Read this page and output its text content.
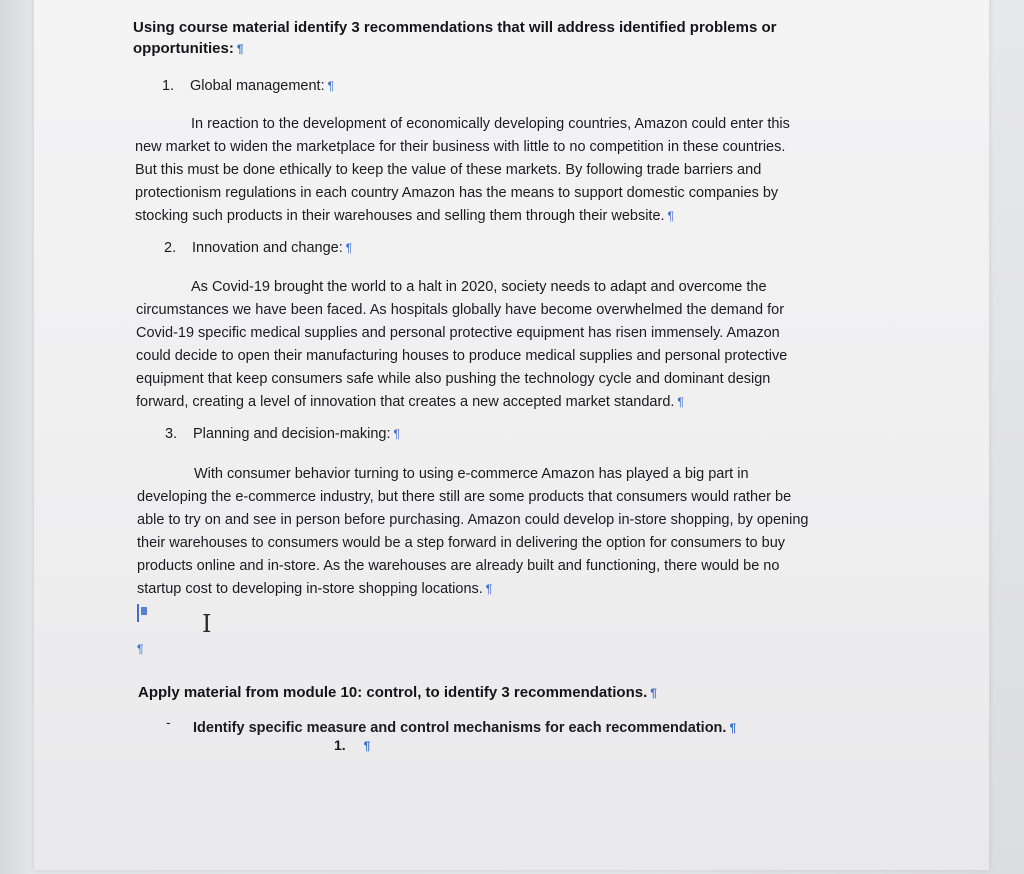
Using course material identify 3 recommendations that will address identified problems or
opportunities: ¶
1. Global management: ¶
In reaction to the development of economically developing countries, Amazon could enter this
new market to widen the marketplace for their business with little to no competition in these countries.
But this must be done ethically to keep the value of these markets. By following trade barriers and
protectionism regulations in each country Amazon has the means to support domestic companies by
stocking such products in their warehouses and selling them through their website. ¶
2. Innovation and change: ¶
As Covid-19 brought the world to a halt in 2020, society needs to adapt and overcome the
circumstances we have been faced. As hospitals globally have become overwhelmed the demand for
Covid-19 specific medical supplies and personal protective equipment has risen immensely. Amazon
could decide to open their manufacturing houses to produce medical supplies and personal protective
equipment that keep consumers safe while also pushing the technology cycle and dominant design
forward, creating a level of innovation that creates a new accepted market standard. ¶
3. Planning and decision-making: ¶
With consumer behavior turning to using e-commerce Amazon has played a big part in
developing the e-commerce industry, but there still are some products that consumers would rather be
able to try on and see in person before purchasing. Amazon could develop in-store shopping, by opening
their warehouses to consumers would be a step forward in delivering the option for consumers to buy
products online and in-store. As the warehouses are already built and functioning, there would be no
startup cost to developing in-store shopping locations. ¶
I
¶
Apply material from module 10: control, to identify 3 recommendations. ¶
- Identify specific measure and control mechanisms for each recommendation. ¶
1. ¶
